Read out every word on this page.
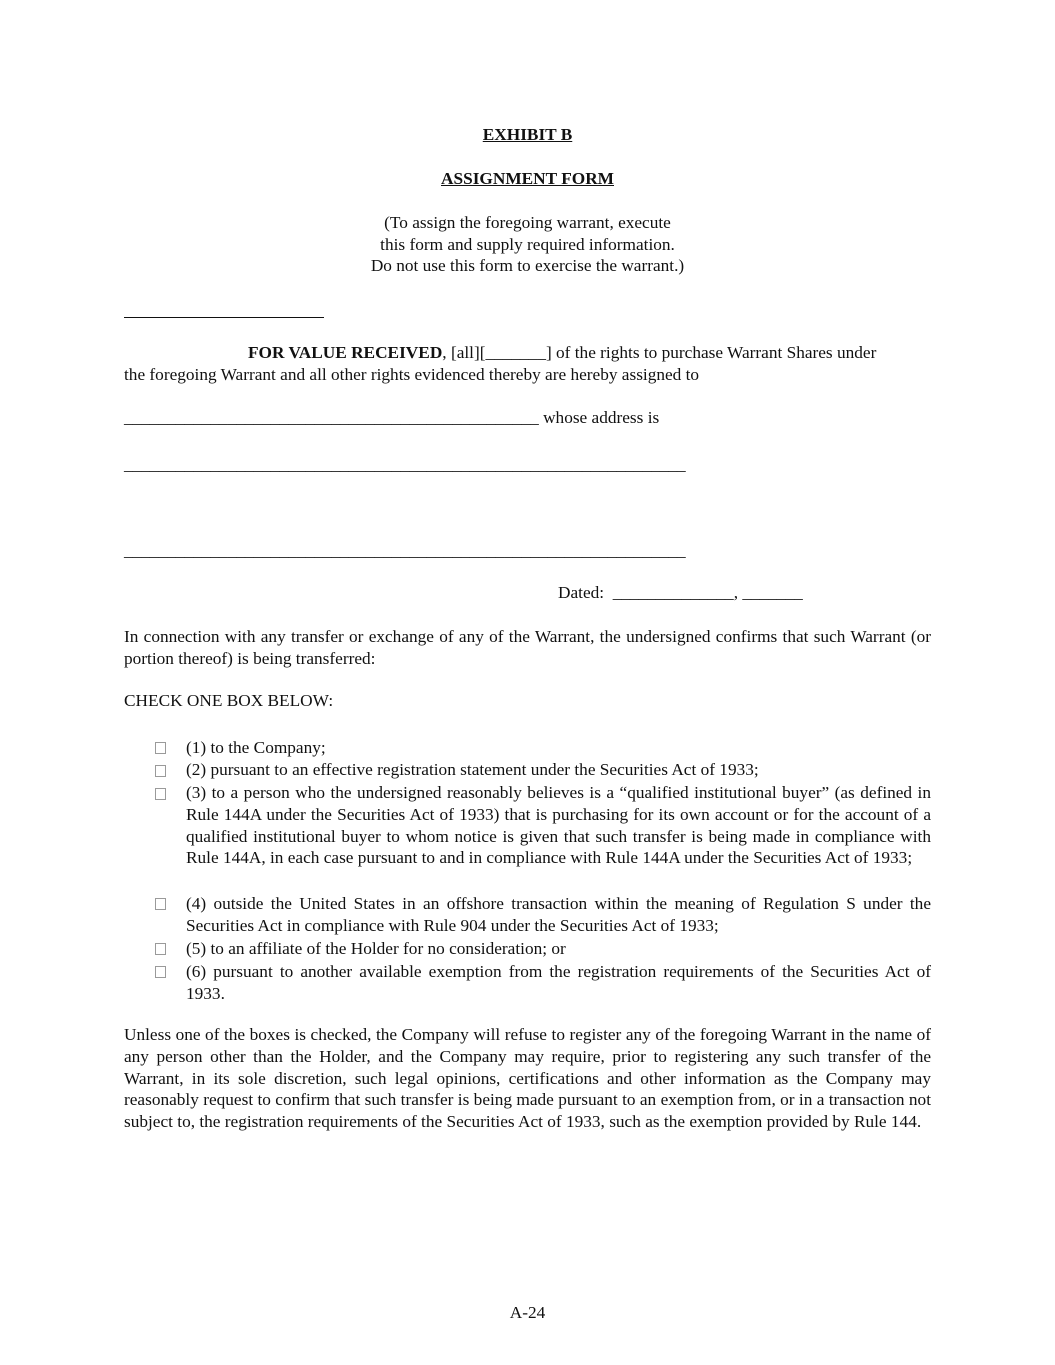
EXHIBIT B
ASSIGNMENT FORM
(To assign the foregoing warrant, execute
this form and supply required information.
Do not use this form to exercise the warrant.)
FOR VALUE RECEIVED, [all][_______] of the rights to purchase Warrant Shares under
the foregoing Warrant and all other rights evidenced thereby are hereby assigned to
________________________________________________ whose address is
_________________________________________________________________
_________________________________________________________________
Dated: ______________, _______
In connection with any transfer or exchange of any of the Warrant, the undersigned confirms that such Warrant (or portion thereof) is being transferred:
CHECK ONE BOX BELOW:
(1) to the Company;
(2) pursuant to an effective registration statement under the Securities Act of 1933;
(3) to a person who the undersigned reasonably believes is a “qualified institutional buyer” (as defined in Rule 144A under the Securities Act of 1933) that is purchasing for its own account or for the account of a qualified institutional buyer to whom notice is given that such transfer is being made in compliance with Rule 144A, in each case pursuant to and in compliance with Rule 144A under the Securities Act of 1933;
(4) outside the United States in an offshore transaction within the meaning of Regulation S under the Securities Act in compliance with Rule 904 under the Securities Act of 1933;
(5) to an affiliate of the Holder for no consideration; or
(6) pursuant to another available exemption from the registration requirements of the Securities Act of 1933.
Unless one of the boxes is checked, the Company will refuse to register any of the foregoing Warrant in the name of any person other than the Holder, and the Company may require, prior to registering any such transfer of the Warrant, in its sole discretion, such legal opinions, certifications and other information as the Company may reasonably request to confirm that such transfer is being made pursuant to an exemption from, or in a transaction not subject to, the registration requirements of the Securities Act of 1933, such as the exemption provided by Rule 144.
A-24
